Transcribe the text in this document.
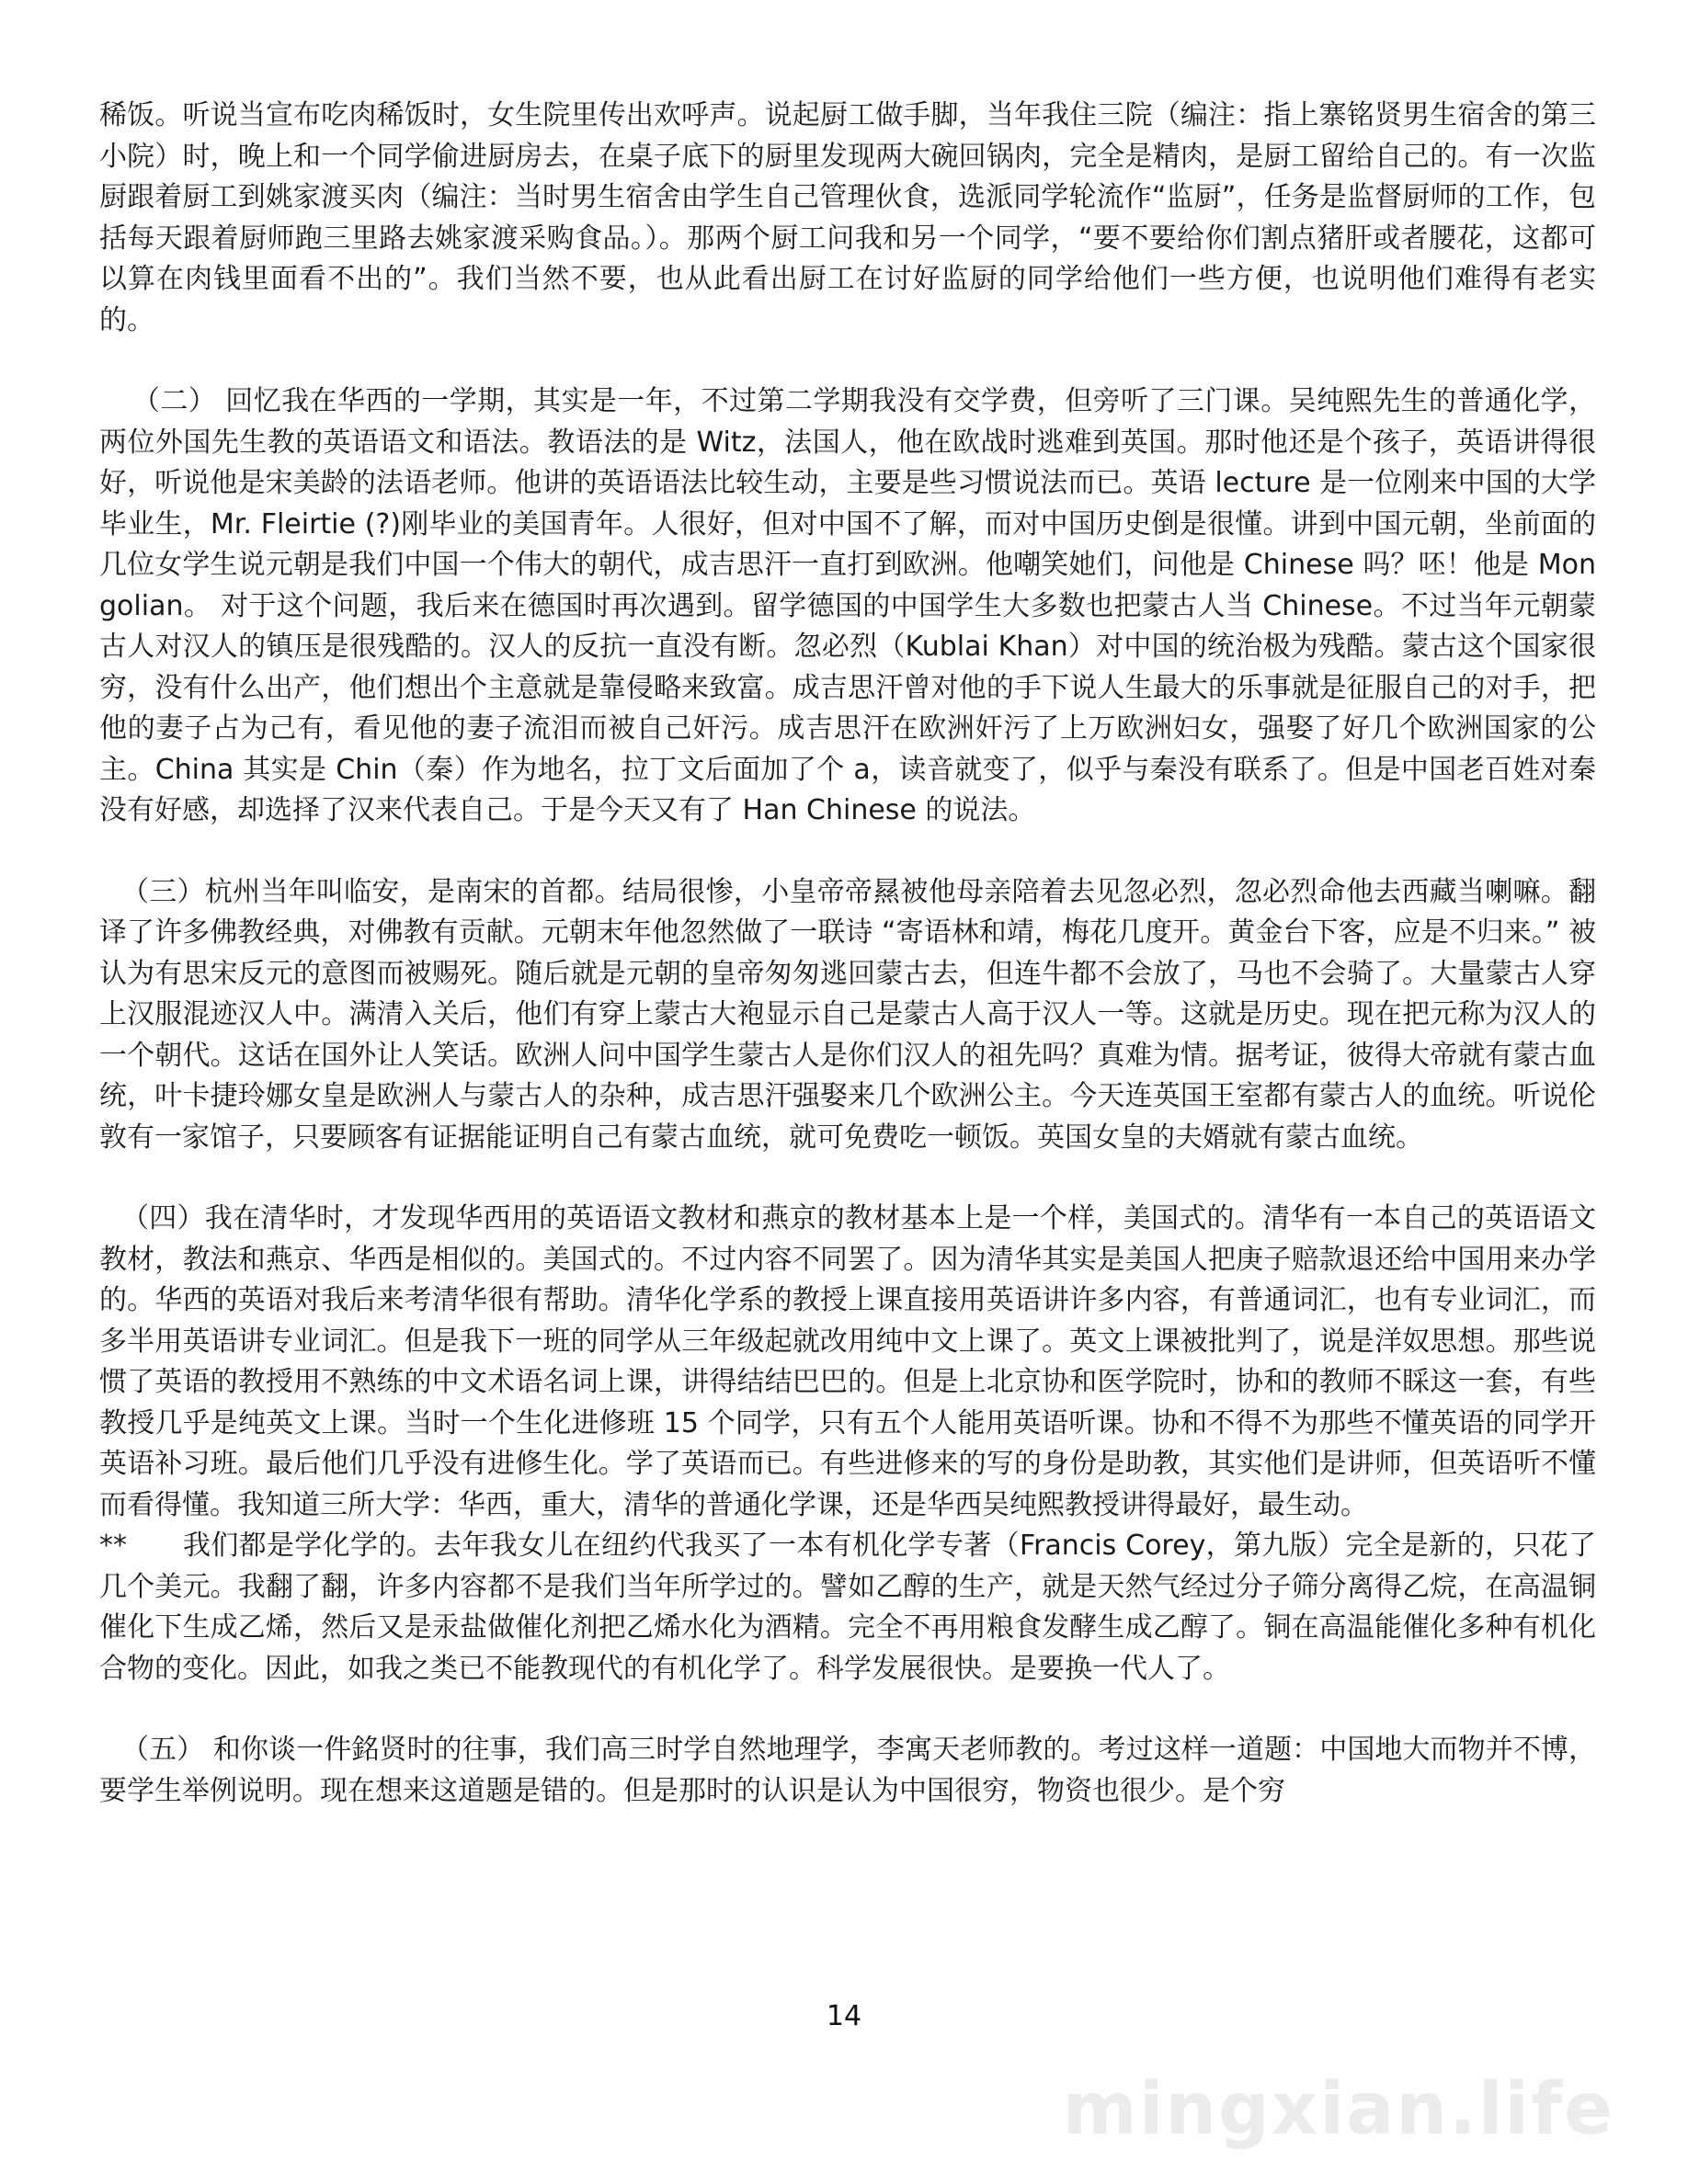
稀饭。听说当宣布吃肉稀饭时，女生院里传出欢呼声。说起厨工做手脚，当年我住三院（编注：指上寨铭贤男生宿舍的第三小院）时，晚上和一个同学偷进厨房去，在桌子底下的厨里发现两大碗回锅肉，完全是精肉，是厨工留给自己的。有一次监厨跟着厨工到姚家渡买肉（编注：当时男生宿舍由学生自己管理伙食，选派同学轮流作“监厨”，任务是监督厨师的工作，包括每天跟着厨师跑三里路去姚家渡采购食品。）。那两个厨工问我和另一个同学，“要不要给你们割点猪肝或者腰花，这都可以算在肉钱里面看不出的”。我们当然不要，也从此看出厨工在讨好监厨的同学给他们一些方便，也说明他们难得有老实的。

（二） 回忆我在华西的一学期，其实是一年，不过第二学期我没有交学费，但旁听了三门课。吴纯熙先生的普通化学，两位外国先生教的英语语文和语法。教语法的是 Witz，法国人，他在欧战时逃难到英国。那时他还是个孩子，英语讲得很好，听说他是宋美龄的法语老师。他讲的英语语法比较生动，主要是些习惯说法而已。英语 lecture 是一位刚来中国的大学毕业生，Mr. Fleirtie (?)刚毕业的美国青年。人很好，但对中国不了解，而对中国历史倒是很懂。讲到中国元朝，坐前面的几位女学生说元朝是我们中国一个伟大的朝代，成吉思汗一直打到欧洲。他嘲笑她们，问他是 Chinese 吗？呸！他是 Mongolian。 对于这个问题，我后来在德国时再次遇到。留学德国的中国学生大多数也把蒙古人当 Chinese。不过当年元朝蒙古人对汉人的镇压是很残酷的。汉人的反抗一直没有断。忽必烈（Kublai Khan）对中国的统治极为残酷。蒙古这个国家很穷，没有什么出产，他们想出个主意就是靠侵略来致富。成吉思汗曾对他的手下说人生最大的乐事就是征服自己的对手，把他的妻子占为己有，看见他的妻子流泪而被自己奸污。成吉思汗在欧洲奸污了上万欧洲妇女，强娶了好几个欧洲国家的公主。China 其实是 Chin（秦）作为地名，拉丁文后面加了个 a，读音就变了，似乎与秦没有联系了。但是中国老百姓对秦没有好感，却选择了汉来代表自己。于是今天又有了 Han Chinese 的说法。

（三）杭州当年叫临安，是南宋的首都。结局很惨，小皇帝帝㬎被他母亲陪着去见忽必烈，忽必烈命他去西藏当喇嘛。翻译了许多佛教经典，对佛教有贡献。元朝末年他忽然做了一联诗 “寄语林和靖，梅花几度开。黄金台下客，应是不归来。” 被认为有思宋反元的意图而被赐死。随后就是元朝的皇帝匆匆逃回蒙古去，但连牛都不会放了，马也不会骑了。大量蒙古人穿上汉服混迹汉人中。满清入关后，他们有穿上蒙古大袍显示自己是蒙古人高于汉人一等。这就是历史。现在把元称为汉人的一个朝代。这话在国外让人笑话。欧洲人问中国学生蒙古人是你们汉人的祖先吗？真难为情。据考证，彼得大帝就有蒙古血统，叶卡捷玲娜女皇是欧洲人与蒙古人的杂种，成吉思汗强娶来几个欧洲公主。今天连英国王室都有蒙古人的血统。听说伦敦有一家馆子，只要顾客有证据能证明自己有蒙古血统，就可免费吃一顿饭。英国女皇的夫婿就有蒙古血统。

（四）我在清华时，才发现华西用的英语语文教材和燕京的教材基本上是一个样，美国式的。清华有一本自己的英语语文教材，教法和燕京、华西是相似的。美国式的。不过内容不同罢了。因为清华其实是美国人把庚子赔款退还给中国用来办学的。华西的英语对我后来考清华很有帮助。清华化学系的教授上课直接用英语讲许多内容，有普通词汇，也有专业词汇，而多半用英语讲专业词汇。但是我下一班的同学从三年级起就改用纯中文上课了。英文上课被批判了，说是洋奴思想。那些说惯了英语的教授用不熟练的中文术语名词上课，讲得结结巴巴的。但是上北京协和医学院时，协和的教师不睬这一套，有些教授几乎是纯英文上课。当时一个生化进修班 15 个同学，只有五个人能用英语听课。协和不得不为那些不懂英语的同学开英语补习班。最后他们几乎没有进修生化。学了英语而已。有些进修来的写的身份是助教，其实他们是讲师，但英语听不懂而看得懂。我知道三所大学：华西，重大，清华的普通化学课，还是华西吴纯熙教授讲得最好，最生动。

**　　我们都是学化学的。去年我女儿在纽约代我买了一本有机化学专著（Francis Corey，第九版）完全是新的，只花了几个美元。我翻了翻，许多内容都不是我们当年所学过的。譬如乙醇的生产，就是天然气经过分子筛分离得乙烷，在高温铜催化下生成乙烯，然后又是汞盐做催化剂把乙烯水化为酒精。完全不再用粮食发酵生成乙醇了。铜在高温能催化多种有机化合物的变化。因此，如我之类已不能教现代的有机化学了。科学发展很快。是要换一代人了。

（五） 和你谈一件銘贤时的往事，我们高三时学自然地理学，李寓天老师教的。考过这样一道题：中国地大而物并不博，要学生举例说明。现在想来这道题是错的。但是那时的认识是认为中国很穷，物资也很少。是个穷

14
mingxian.life
